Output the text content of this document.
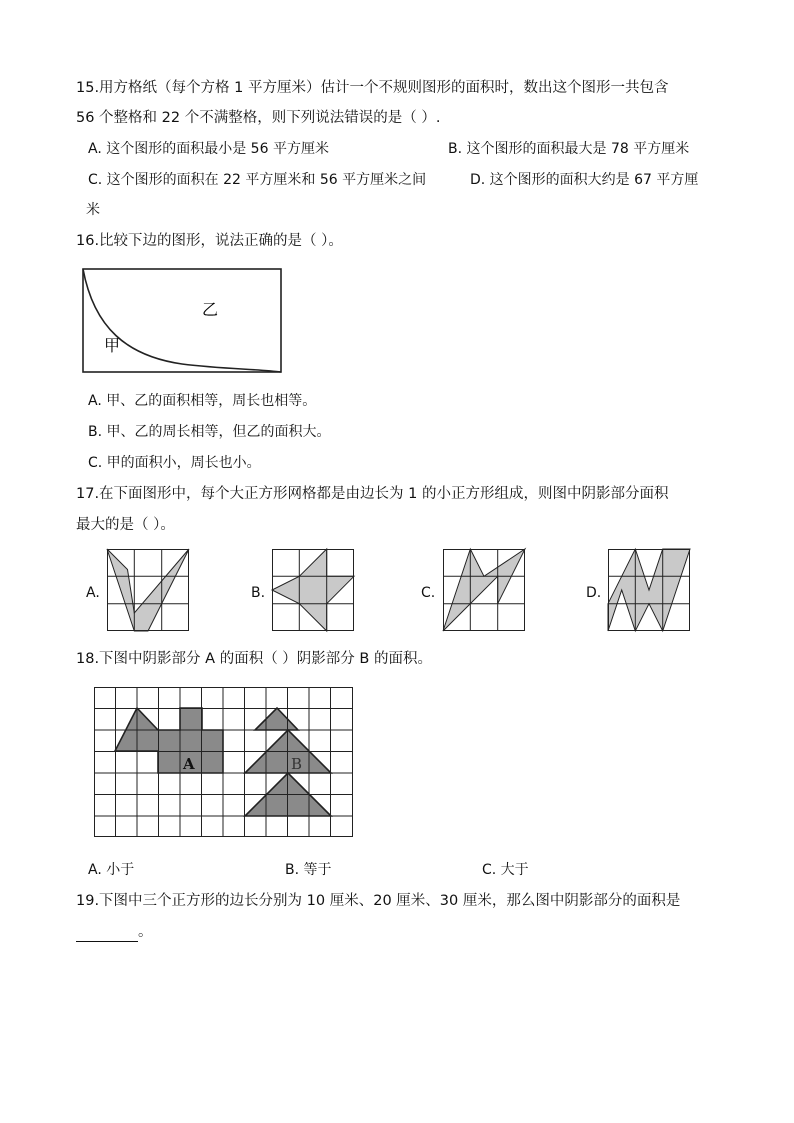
15.用方格纸（每个方格 1 平方厘米）估计一个不规则图形的面积时，数出这个图形一共包含
56 个整格和 22 个不满整格，则下列说法错误的是（ ）.
A. 这个图形的面积最小是 56 平方厘米	B. 这个图形的面积最大是 78 平方厘米
C. 这个图形的面积在 22 平方厘米和 56 平方厘米之间	D. 这个图形的面积大约是 67 平方厘
米
16.比较下边的图形，说法正确的是（ ）。
甲
乙
A. 甲、乙的面积相等，周长也相等。
B. 甲、乙的周长相等，但乙的面积大。
C. 甲的面积小，周长也小。
17.在下面图形中，每个大正方形网格都是由边长为 1 的小正方形组成，则图中阴影部分面积
最大的是（ ）。
A.	B.	C.	D.
18.下图中阴影部分 A 的面积（ ）阴影部分 B 的面积。
A	B
A. 小于	B. 等于	C. 大于
19.下图中三个正方形的边长分别为 10 厘米、20 厘米、30 厘米，那么图中阴影部分的面积是
。
